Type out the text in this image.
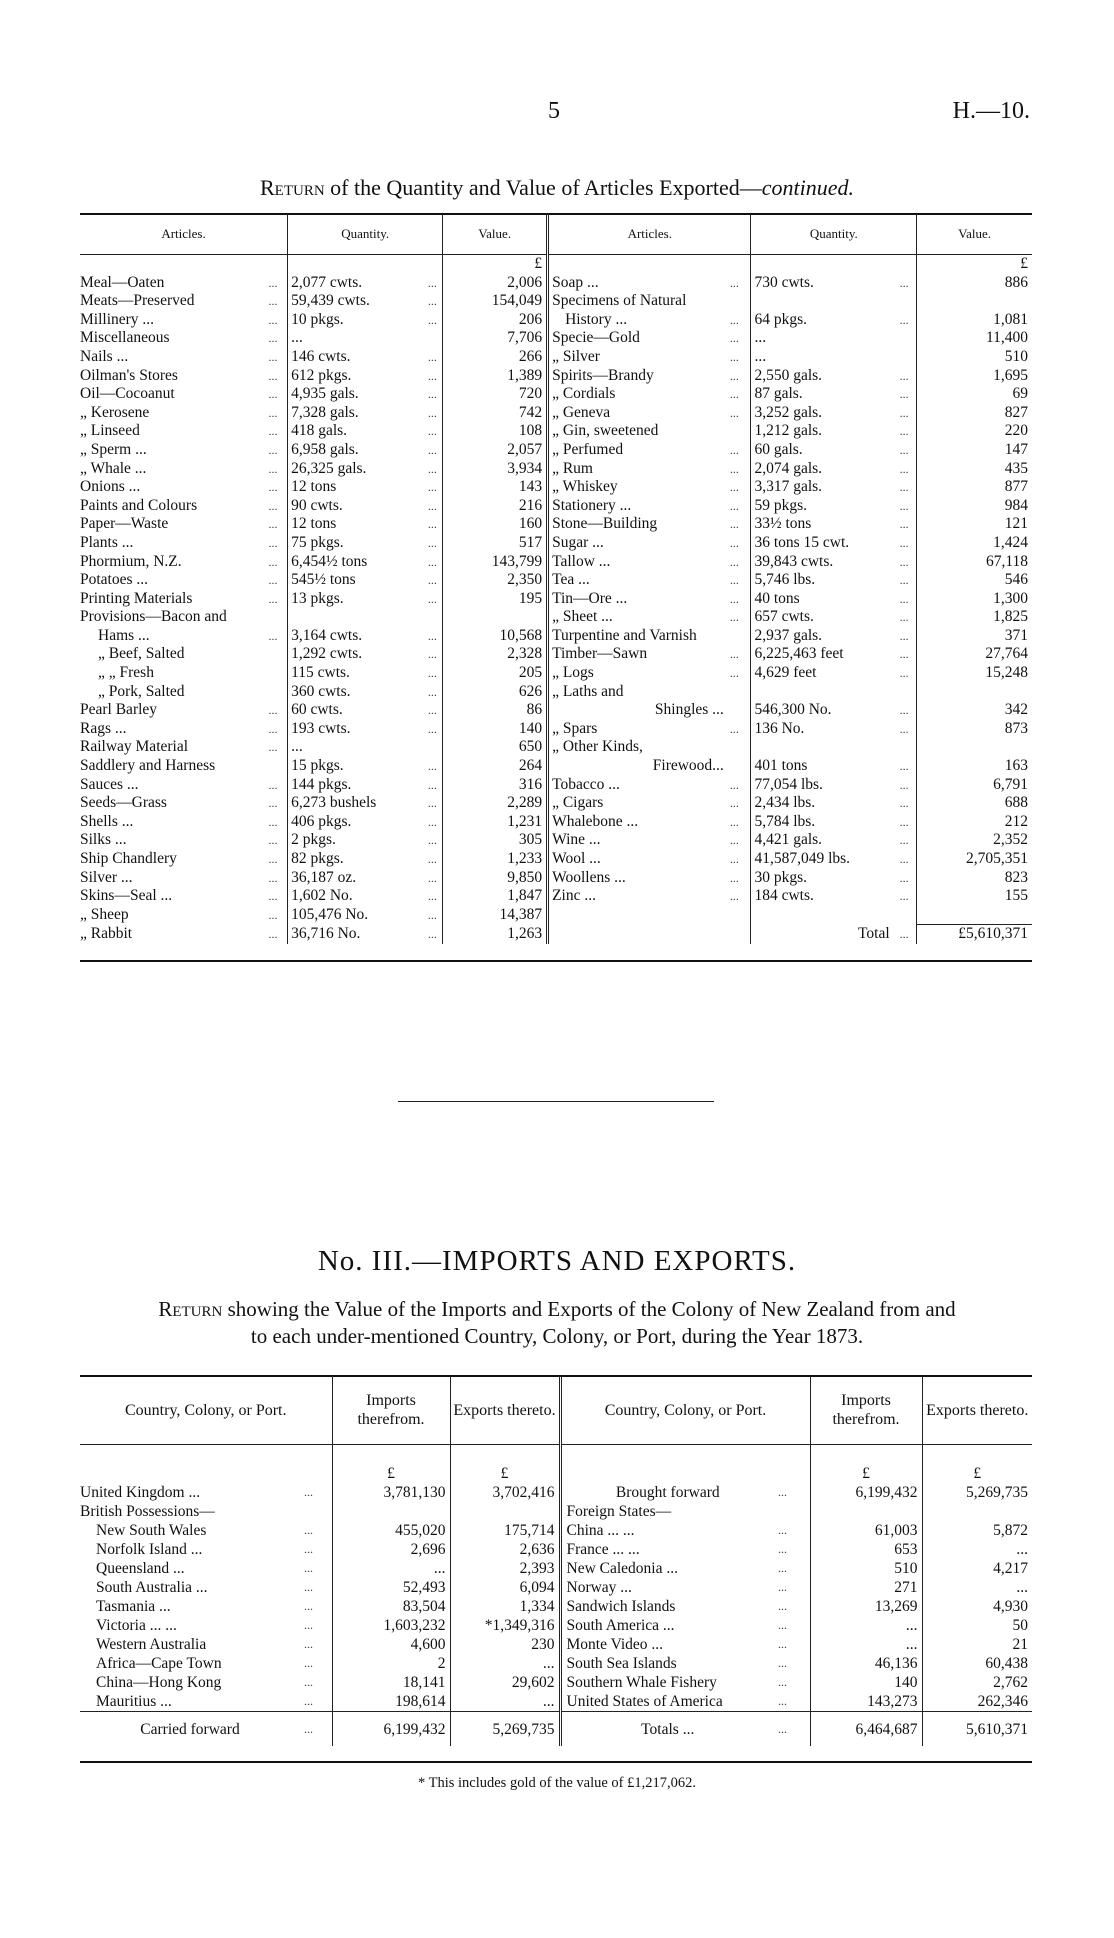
5	H.—10.
Return of the Quantity and Value of Articles Exported—continued.
Articles.		Quantity.		Value.	Articles.		Quantity.		Value.
				£					£
Meal—Oaten	...	2,077 cwts.	...	2,006	Soap ...	...	730 cwts.	...	886
Meats—Preserved	...	59,439 cwts.	...	154,049	Specimens of Natural				
Millinery ...	...	10 pkgs.	...	206	History ...	...	64 pkgs.	...	1,081
Miscellaneous	...	...		7,706	Specie—Gold	...	...		11,400
Nails ...	...	146 cwts.	...	266	„ Silver	...	...		510
Oilman's Stores	...	612 pkgs.	...	1,389	Spirits—Brandy	...	2,550 gals.	...	1,695
Oil—Cocoanut	...	4,935 gals.	...	720	„ Cordials	...	87 gals.	...	69
„ Kerosene	...	7,328 gals.	...	742	„ Geneva	...	3,252 gals.	...	827
„ Linseed	...	418 gals.	...	108	„ Gin, sweetened		1,212 gals.	...	220
„ Sperm ...	...	6,958 gals.	...	2,057	„ Perfumed	...	60 gals.	...	147
„ Whale ...	...	26,325 gals.	...	3,934	„ Rum	...	2,074 gals.	...	435
Onions ...	...	12 tons	...	143	„ Whiskey	...	3,317 gals.	...	877
Paints and Colours	...	90 cwts.	...	216	Stationery ...	...	59 pkgs.	...	984
Paper—Waste	...	12 tons	...	160	Stone—Building	...	33½ tons	...	121
Plants ...	...	75 pkgs.	...	517	Sugar ...	...	36 tons 15 cwt.	...	1,424
Phormium, N.Z.	...	6,454½ tons	...	143,799	Tallow ...	...	39,843 cwts.	...	67,118
Potatoes ...	...	545½ tons	...	2,350	Tea ...	...	5,746 lbs.	...	546
Printing Materials	...	13 pkgs.	...	195	Tin—Ore ...	...	40 tons	...	1,300
Provisions—Bacon and					„ Sheet ...	...	657 cwts.	...	1,825
Hams ...	...	3,164 cwts.	...	10,568	Turpentine and Varnish		2,937 gals.	...	371
„ Beef, Salted		1,292 cwts.	...	2,328	Timber—Sawn	...	6,225,463 feet	...	27,764
„ „ Fresh		115 cwts.	...	205	„ Logs	...	4,629 feet	...	15,248
„ Pork, Salted		360 cwts.	...	626	„ Laths and				
Pearl Barley	...	60 cwts.	...	86	Shingles ...		546,300 No.	...	342
Rags ...	...	193 cwts.	...	140	„ Spars	...	136 No.	...	873
Railway Material	...	...		650	„ Other Kinds,				
Saddlery and Harness		15 pkgs.	...	264	Firewood...		401 tons	...	163
Sauces ...	...	144 pkgs.	...	316	Tobacco ...	...	77,054 lbs.	...	6,791
Seeds—Grass	...	6,273 bushels	...	2,289	„ Cigars	...	2,434 lbs.	...	688
Shells ...	...	406 pkgs.	...	1,231	Whalebone ...	...	5,784 lbs.	...	212
Silks ...	...	2 pkgs.	...	305	Wine ...	...	4,421 gals.	...	2,352
Ship Chandlery	...	82 pkgs.	...	1,233	Wool ...	...	41,587,049 lbs.	...	2,705,351
Silver ...	...	36,187 oz.	...	9,850	Woollens ...	...	30 pkgs.	...	823
Skins—Seal ...	...	1,602 No.	...	1,847	Zinc ...	...	184 cwts.	...	155
„ Sheep	...	105,476 No.	...	14,387					
„ Rabbit	...	36,716 No.	...	1,263			Total	...	£5,610,371
No. III.—IMPORTS AND EXPORTS.
Return showing the Value of the Imports and Exports of the Colony of New Zealand from and
to each under-mentioned Country, Colony, or Port, during the Year 1873.
Country, Colony, or Port.		Imports therefrom.	Exports thereto.	Country, Colony, or Port.		Imports therefrom.	Exports thereto.

		£	£			£	£
United Kingdom ...	...	3,781,130	3,702,416	Brought forward	...	6,199,432	5,269,735
British Possessions—				Foreign States—			
New South Wales	...	455,020	175,714	China ... ...	...	61,003	5,872
Norfolk Island ...	...	2,696	2,636	France ... ...	...	653	...
Queensland ...	...	...	2,393	New Caledonia ...	...	510	4,217
South Australia ...	...	52,493	6,094	Norway ...	...	271	...
Tasmania ...	...	83,504	1,334	Sandwich Islands	...	13,269	4,930
Victoria ... ...	...	1,603,232	*1,349,316	South America ...	...	...	50
Western Australia	...	4,600	230	Monte Video ...	...	...	21
Africa—Cape Town	...	2	...	South Sea Islands	...	46,136	60,438
China—Hong Kong	...	18,141	29,602	Southern Whale Fishery	...	140	2,762
Mauritius ...	...	198,614	...	United States of America	...	143,273	262,346
Carried forward	...	6,199,432	5,269,735	Totals ...	...	6,464,687	5,610,371
* This includes gold of the value of £1,217,062.
